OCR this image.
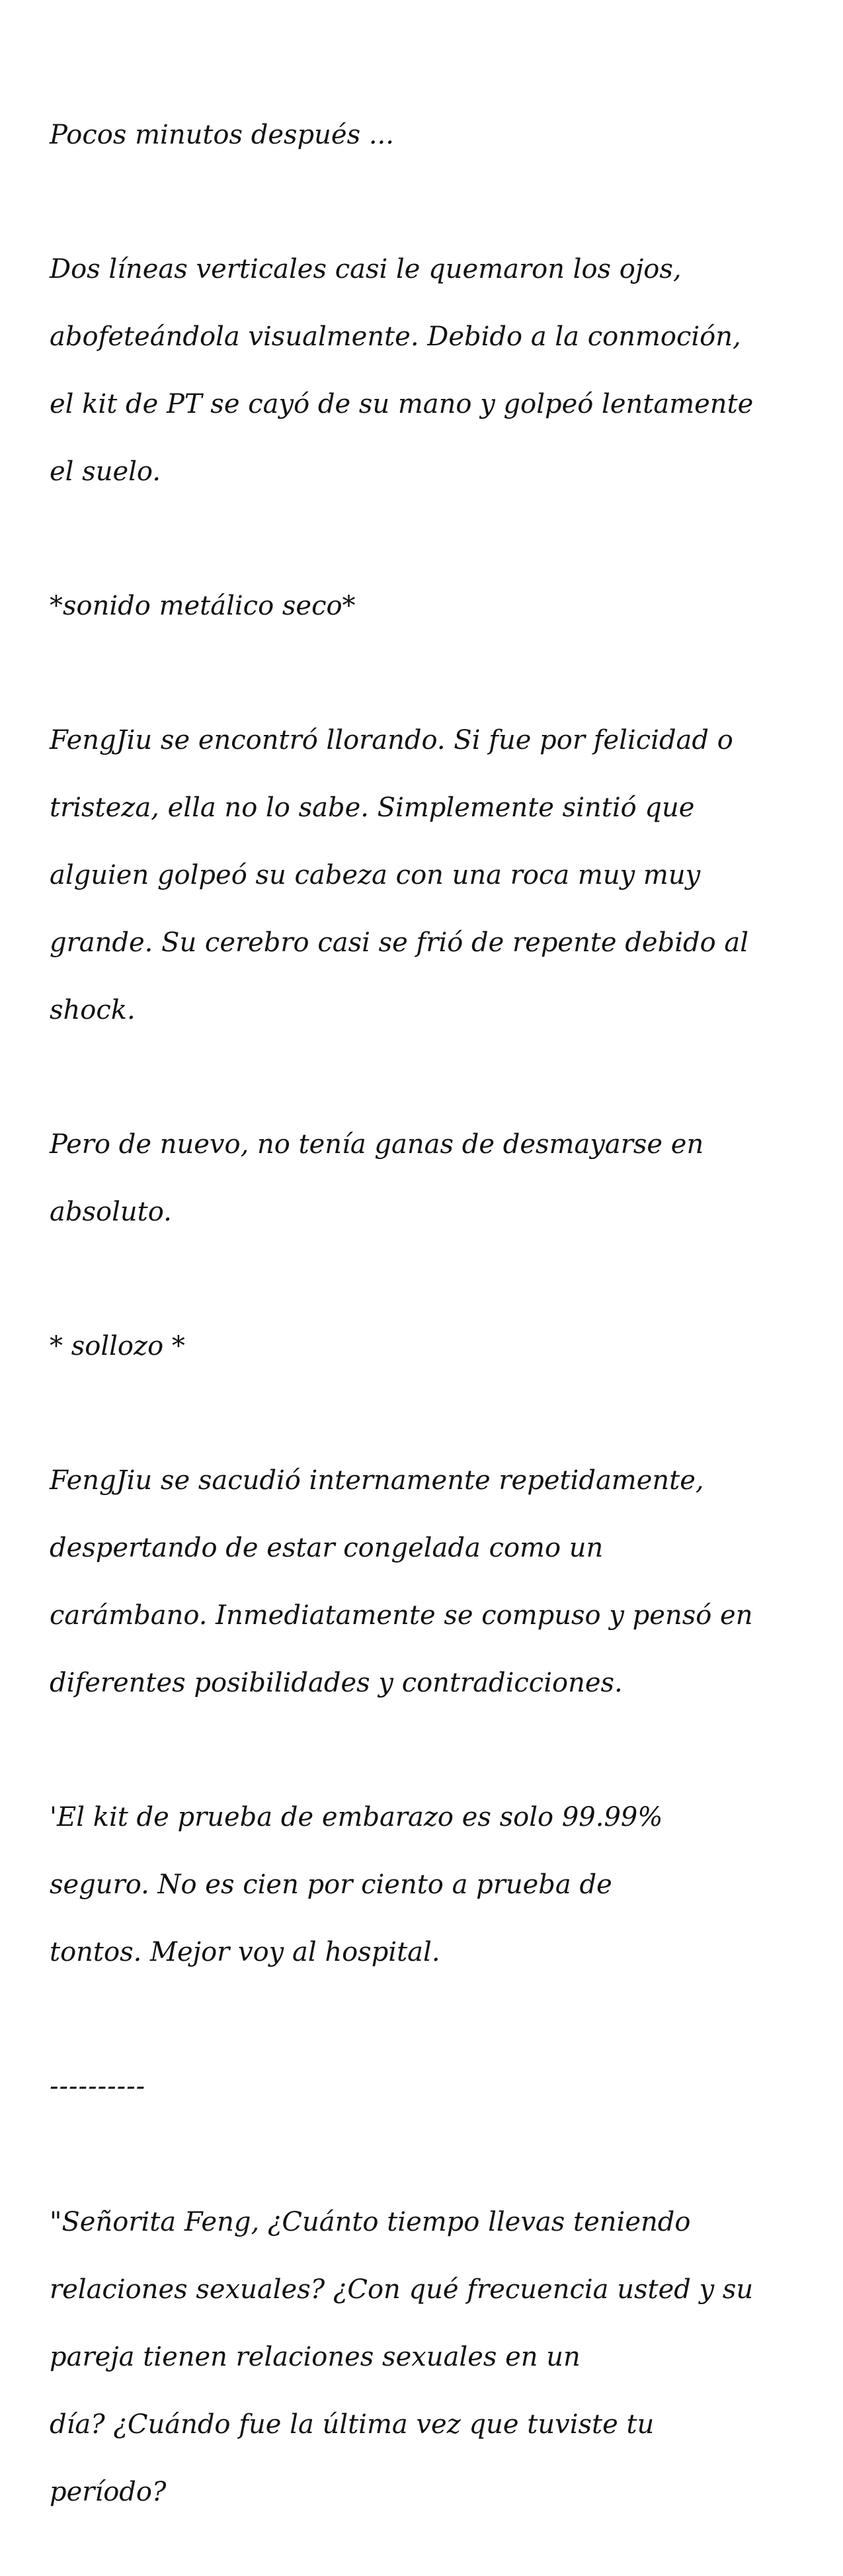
Pocos minutos después ...

Dos líneas verticales casi le quemaron los ojos,

abofeteándola visualmente. Debido a la conmoción,

el kit de PT se cayó de su mano y golpeó lentamente

el suelo.

*sonido metálico seco*

FengJiu se encontró llorando. Si fue por felicidad o

tristeza, ella no lo sabe. Simplemente sintió que

alguien golpeó su cabeza con una roca muy muy

grande. Su cerebro casi se frió de repente debido al

shock.

Pero de nuevo, no tenía ganas de desmayarse en

absoluto.

* sollozo *

FengJiu se sacudió internamente repetidamente,

despertando de estar congelada como un

carámbano. Inmediatamente se compuso y pensó en

diferentes posibilidades y contradicciones.

'El kit de prueba de embarazo es solo 99.99%

seguro. No es cien por ciento a prueba de

tontos. Mejor voy al hospital.

----------

"Señorita Feng, ¿Cuánto tiempo llevas teniendo

relaciones sexuales? ¿Con qué frecuencia usted y su

pareja tienen relaciones sexuales en un

día? ¿Cuándo fue la última vez que tuviste tu

período?
